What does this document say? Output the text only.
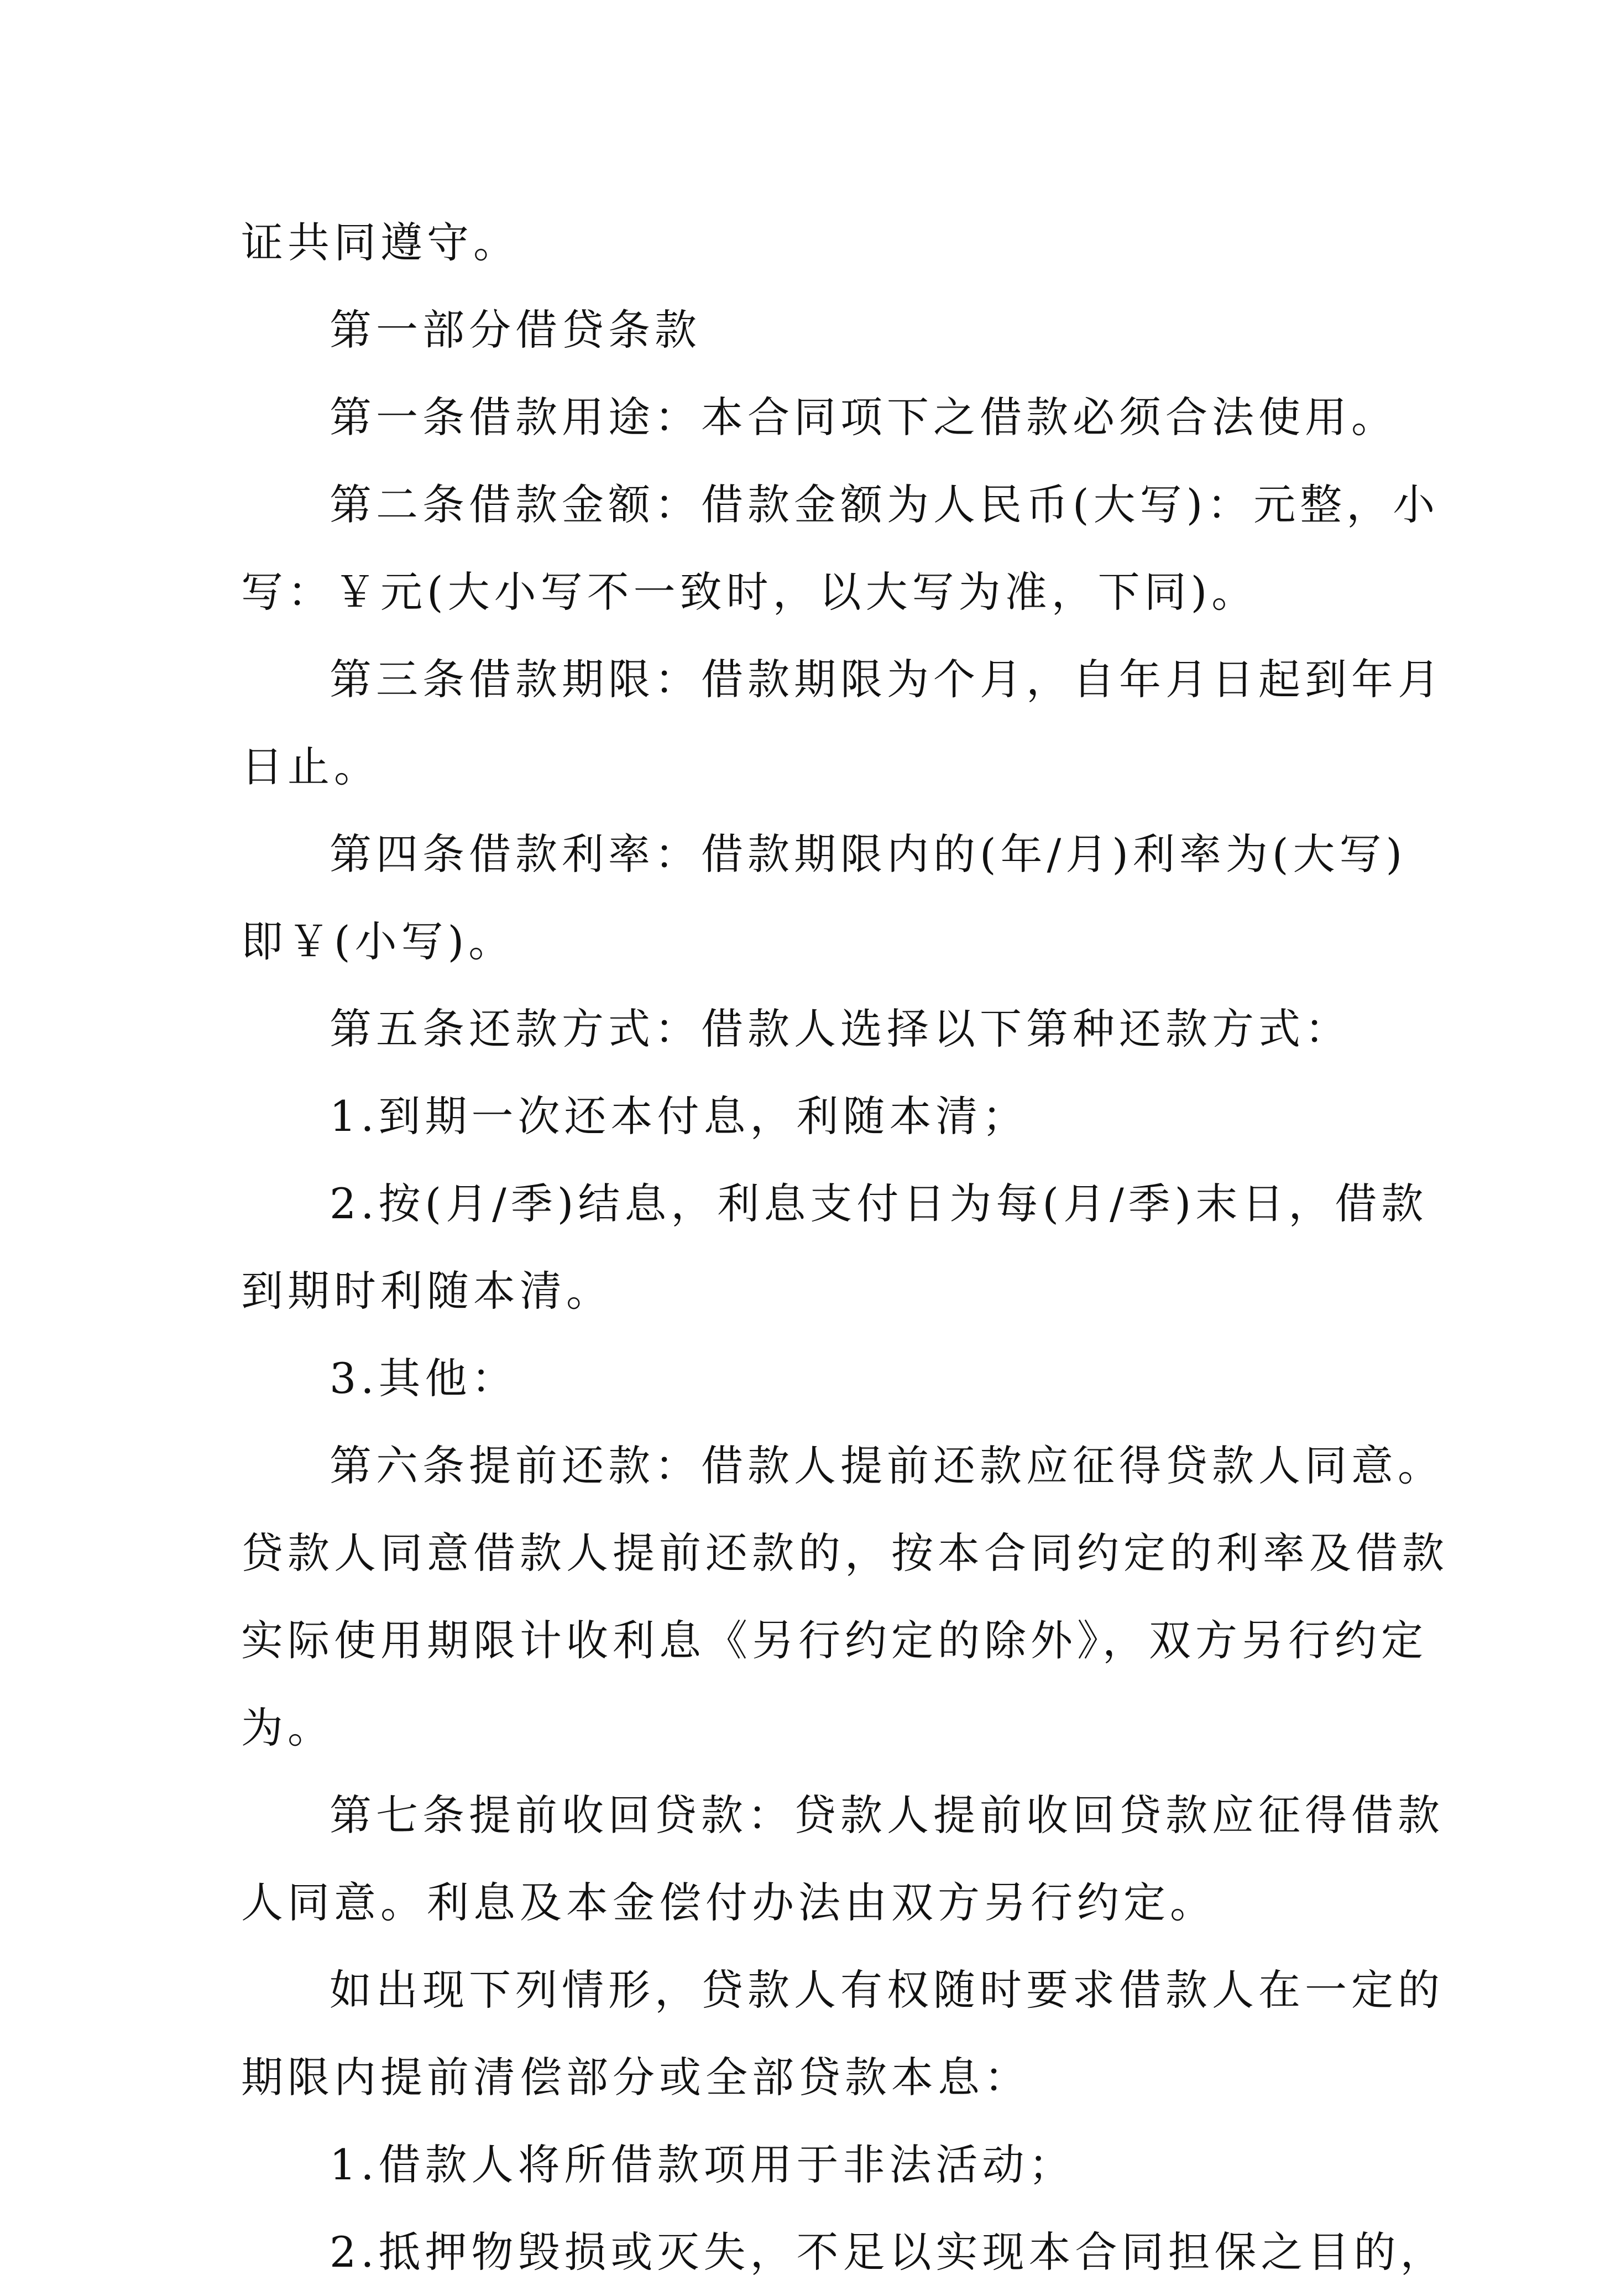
证共同遵守。
第一部分借贷条款
第一条借款用途：本合同项下之借款必须合法使用。
第二条借款金额：借款金额为人民币(大写)：元整，小
写：￥元(大小写不一致时，以大写为准，下同)。
第三条借款期限：借款期限为个月，自年月日起到年月
日止。
第四条借款利率：借款期限内的(年/月)利率为(大写)
即￥(小写)。
第五条还款方式：借款人选择以下第种还款方式：
1.到期一次还本付息，利随本清；
2.按(月/季)结息，利息支付日为每(月/季)末日，借款
到期时利随本清。
3.其他：
第六条提前还款：借款人提前还款应征得贷款人同意。
贷款人同意借款人提前还款的，按本合同约定的利率及借款
实际使用期限计收利息《另行约定的除外》，双方另行约定
为。
第七条提前收回贷款：贷款人提前收回贷款应征得借款
人同意。利息及本金偿付办法由双方另行约定。
如出现下列情形，贷款人有权随时要求借款人在一定的
期限内提前清偿部分或全部贷款本息：
1.借款人将所借款项用于非法活动；
2.抵押物毁损或灭失，不足以实现本合同担保之目的，
